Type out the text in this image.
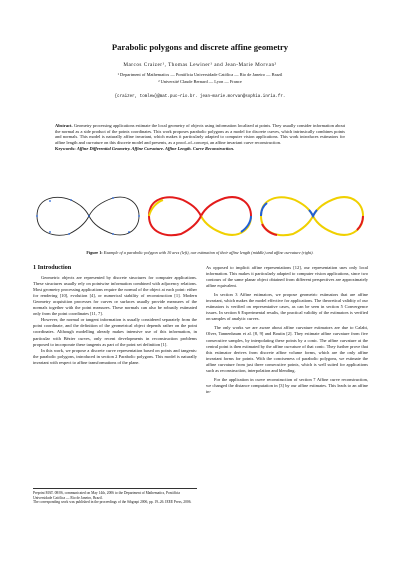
Parabolic polygons and discrete affine geometry
Marcos Craizer¹, Thomas Lewiner¹ and Jean-Marie Morvan²
¹ Department of Mathematics — Pontifícia Universidade Católica — Rio de Janeiro — Brazil
² Université Claude Bernard — Lyon — France
{craizer, tomlew}@mat.puc−rio.br. jean−marie.morvan@sophia.inria.fr.
Abstract. Geometry processing applications estimate the local geometry of objects using information localized at points. They usually consider information about the normal as a side product of the points coordinates. This work proposes parabolic polygons as a model for discrete curves, which intrinsically combines points and normals. This model is naturally affine invariant, which makes it particularly adapted to computer vision applications. This work introduces estimators for affine length and curvature on this discrete model and presents, as a proof–of–concept, an affine invariant curve reconstruction.
Keywords: Affine Differential Geometry. Affine Curvature. Affine Length. Curve Reconstruction.
Figure 1: Example of a parabolic polygon with 10 arcs (left), our estimation of their affine length (middle) and affine curvature (right).
1 Introduction

Geometric objects are represented by discrete structures for computer applications. These structures usually rely on pointwise information combined with adjacency relations. Most geometry processing applications require the normal of the object at each point: either for rendering [10], evolution [4], or numerical stability of reconstruction [1]. Modern Geometry acquisition processes for curves or surfaces usually provide measures of the normals together with the point measures. These normals can also be robustly estimated only from the point coordinates [11, 7].

However, the normal or tangent information is usually considered separately from the point coordinate, and the definition of the geometrical object depends rather on the point coordinates. Although modelling already makes intensive use of this information, in particular with Bézier curves, only recent developments in reconstruction problems proposed to incorporate these tangents as part of the point set definition [1].

In this work, we propose a discrete curve representation based on points and tangents: the parabolic polygons, introduced in section 2 Parabolic polygons. This model is naturally invariant with respect to affine transformations of the plane.

Preprint MAT. 08/06, communicated on May 14th, 2006 to the Department of Mathematics, Pontifícia Universidade Católica — Rio de Janeiro, Brazil.
The corresponding work was published in the proceedings of the Sibgrapi 2006, pp. 19–26. IEEE Press, 2006.

As opposed to implicit affine representations [12], our representation uses only local information. This makes it particularly adapted to computer vision applications, since two contours of the same planar object obtained from different perspectives are approximately affine equivalent.

In section 3 Affine estimators, we propose geometric estimators that are affine invariant, which makes the model effective for applications. The theoretical validity of our estimators is verified on representative cases, as can be seen in section 5 Convergence issues. In section 6 Experimental results, the practical validity of the estimators is verified on samples of analytic curves.

The only works we are aware about affine curvature estimators are due to Calabi, Olver, Tannenbaum et al. [8, 9] and Boutin [2]. They estimate affine curvature from five consecutive samples, by interpolating these points by a conic. The affine curvature at the central point is then estimated by the affine curvature of that conic. They further prove that this estimator derives from discrete affine volume forms, which are the only affine invariant forms for points. With the conciseness of parabolic polygons, we estimate the affine curvature from just three consecutive points, which is well suited for applications such as reconstruction, interpolation and blending.

For the application in curve reconstruction of section 7 Affine curve reconstruction, we changed the distance computation in [3] by our affine estimates. This leads to an affine in-
